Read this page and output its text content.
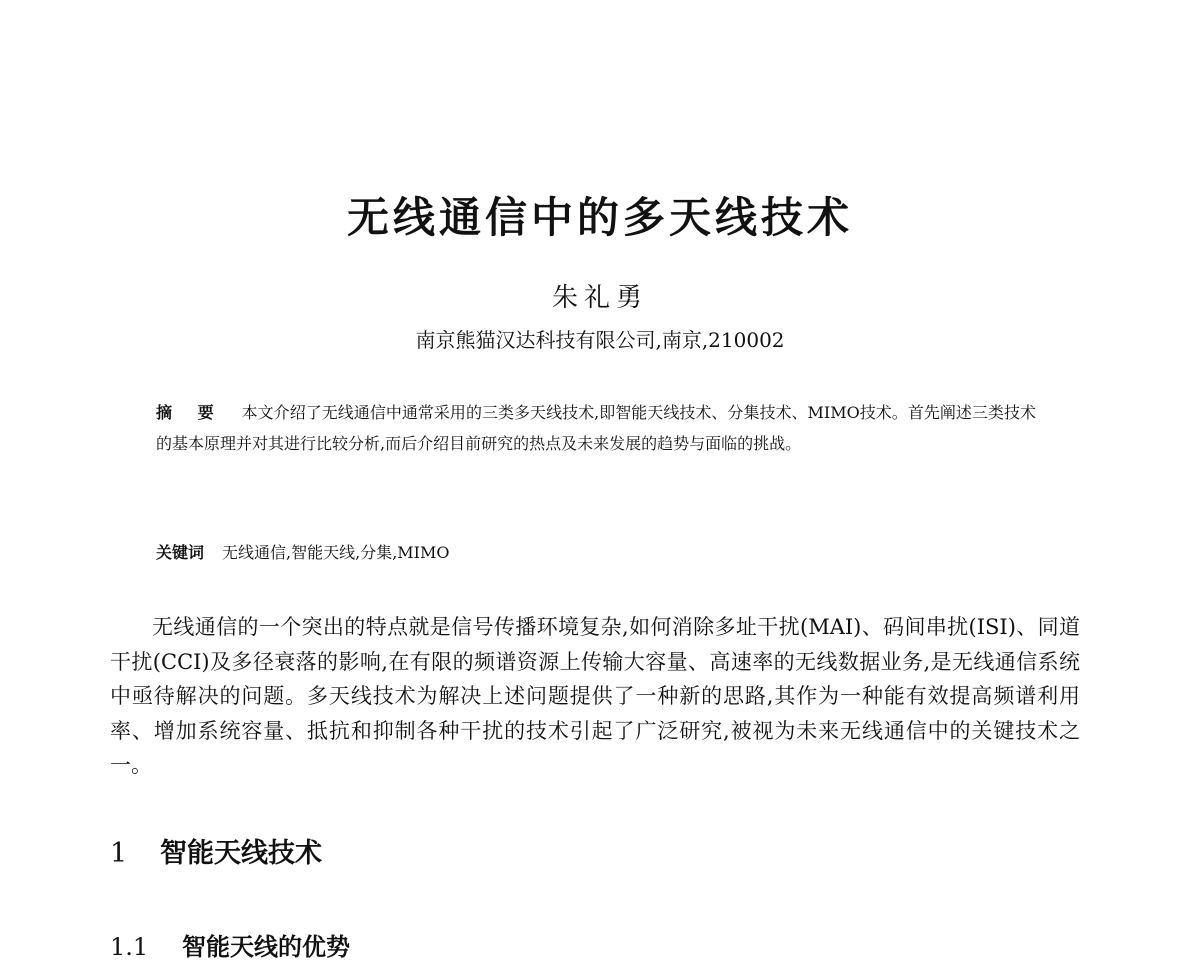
无线通信中的多天线技术
朱礼勇
南京熊猫汉达科技有限公司,南京,210002
摘 要 本文介绍了无线通信中通常采用的三类多天线技术,即智能天线技术、分集技术、MIMO技术。首先阐述三类技术的基本原理并对其进行比较分析,而后介绍目前研究的热点及未来发展的趋势与面临的挑战。
关键词 无线通信,智能天线,分集,MIMO
无线通信的一个突出的特点就是信号传播环境复杂,如何消除多址干扰(MAI)、码间串扰(ISI)、同道干扰(CCI)及多径衰落的影响,在有限的频谱资源上传输大容量、高速率的无线数据业务,是无线通信系统中亟待解决的问题。多天线技术为解决上述问题提供了一种新的思路,其作为一种能有效提高频谱利用率、增加系统容量、抵抗和抑制各种干扰的技术引起了广泛研究,被视为未来无线通信中的关键技术之一。
1 智能天线技术
1.1 智能天线的优势
